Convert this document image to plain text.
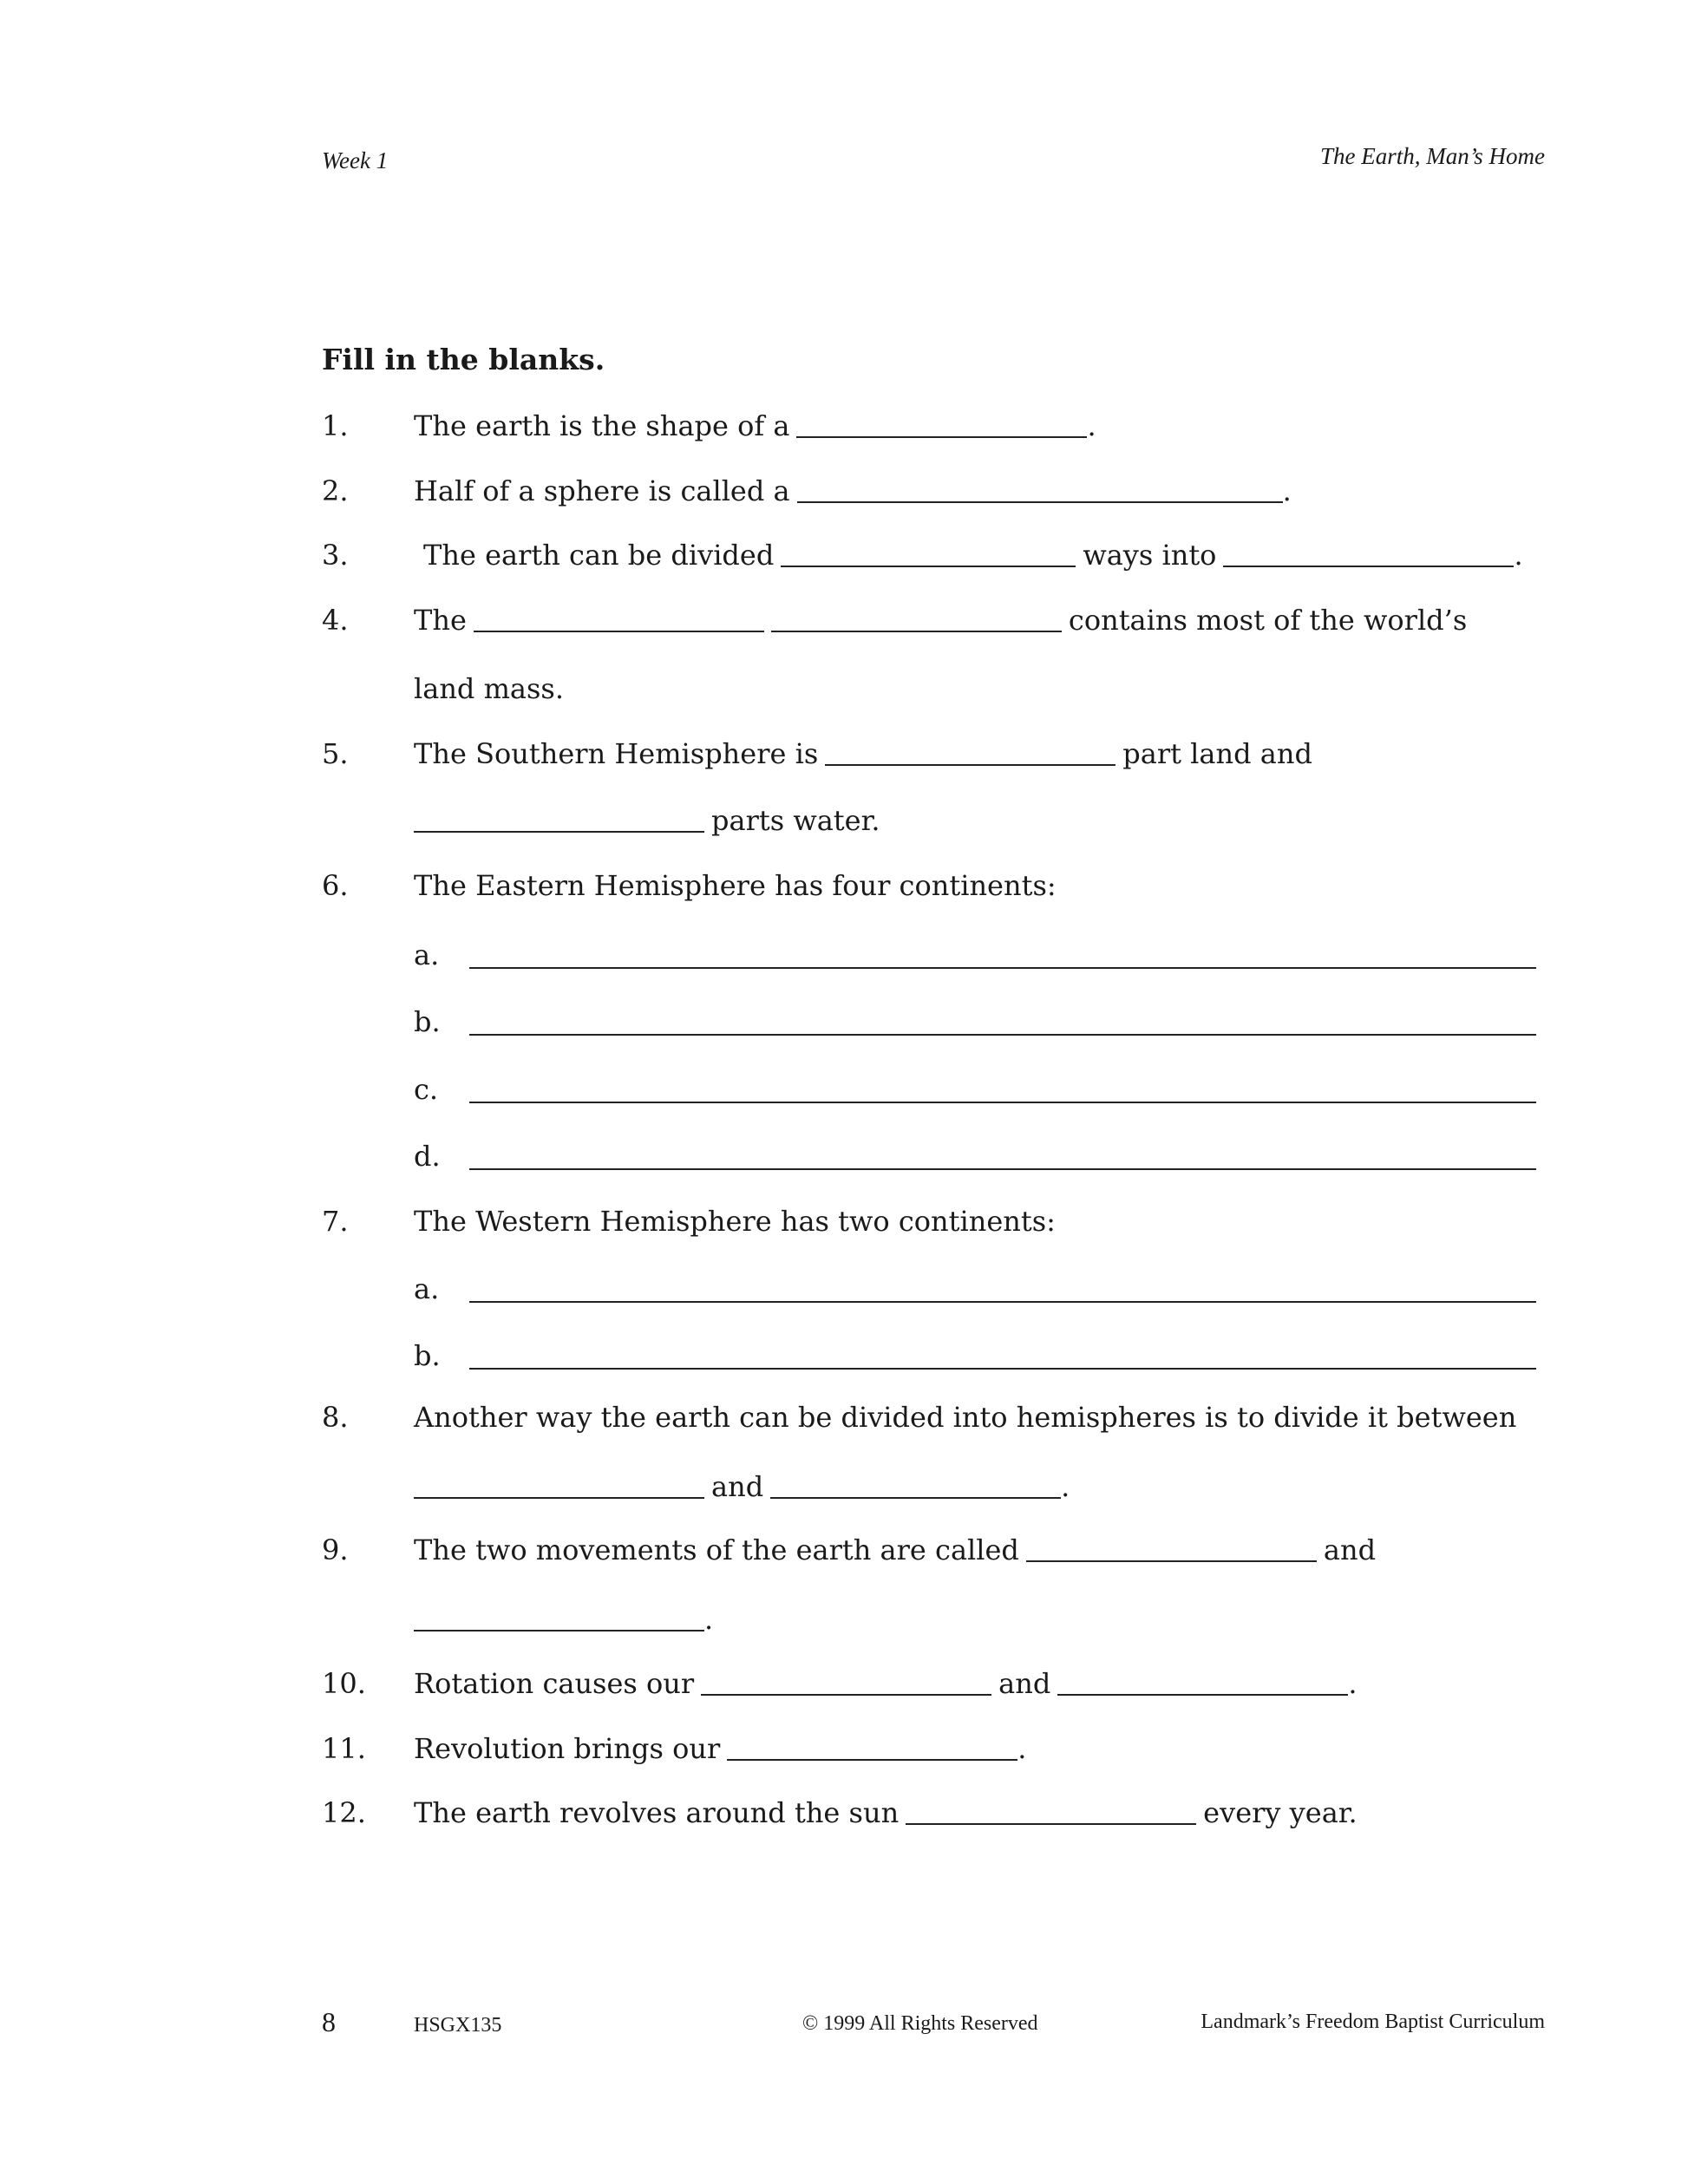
Week 1	The Earth, Man’s Home
Fill in the blanks.
1. The earth is the shape of a	.
2. Half of a sphere is called a	.
3.	The earth can be divided	ways into	.
4. The	contains most of the world’s
land mass.
5. The Southern Hemisphere is	part land and
parts water.
6. The Eastern Hemisphere has four continents:
a.
b.
c.
d.
7. The Western Hemisphere has two continents:
a.
b.
8. Another way the earth can be divided into hemispheres is to divide it between
and	.
9. The two movements of the earth are called	and
.
10. Rotation causes our	and	.
11. Revolution brings our	.
12. The earth revolves around the sun	every year.
8	HSGX135	© 1999 All Rights Reserved	Landmark’s Freedom Baptist Curriculum
